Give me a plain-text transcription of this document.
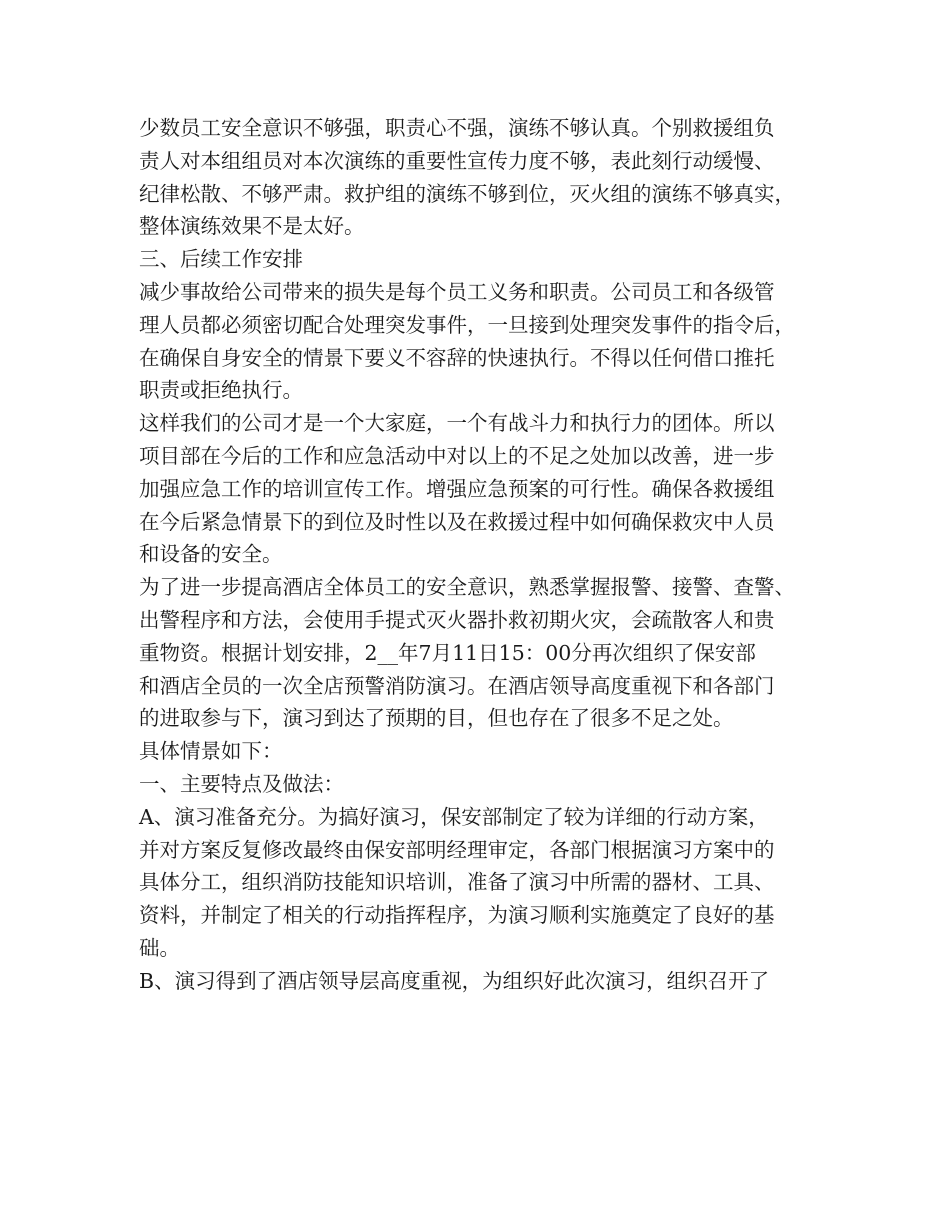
少数员工安全意识不够强，职责心不强，演练不够认真。个别救援组负
责人对本组组员对本次演练的重要性宣传力度不够，表此刻行动缓慢、
纪律松散、不够严肃。救护组的演练不够到位，灭火组的演练不够真实，
整体演练效果不是太好。
三、后续工作安排
减少事故给公司带来的损失是每个员工义务和职责。公司员工和各级管
理人员都必须密切配合处理突发事件，一旦接到处理突发事件的指令后，
在确保自身安全的情景下要义不容辞的快速执行。不得以任何借口推托
职责或拒绝执行。
这样我们的公司才是一个大家庭，一个有战斗力和执行力的团体。所以
项目部在今后的工作和应急活动中对以上的不足之处加以改善，进一步
加强应急工作的培训宣传工作。增强应急预案的可行性。确保各救援组
在今后紧急情景下的到位及时性以及在救援过程中如何确保救灾中人员
和设备的安全。
为了进一步提高酒店全体员工的安全意识，熟悉掌握报警、接警、查警、
出警程序和方法，会使用手提式灭火器扑救初期火灾，会疏散客人和贵
重物资。根据计划安排，2__年7月11日15：00分再次组织了保安部
和酒店全员的一次全店预警消防演习。在酒店领导高度重视下和各部门
的进取参与下，演习到达了预期的目，但也存在了很多不足之处。
具体情景如下：
一、主要特点及做法：
A、演习准备充分。为搞好演习，保安部制定了较为详细的行动方案，
并对方案反复修改最终由保安部明经理审定，各部门根据演习方案中的
具体分工，组织消防技能知识培训，准备了演习中所需的器材、工具、
资料，并制定了相关的行动指挥程序，为演习顺利实施奠定了良好的基
础。
B、演习得到了酒店领导层高度重视，为组织好此次演习，组织召开了
